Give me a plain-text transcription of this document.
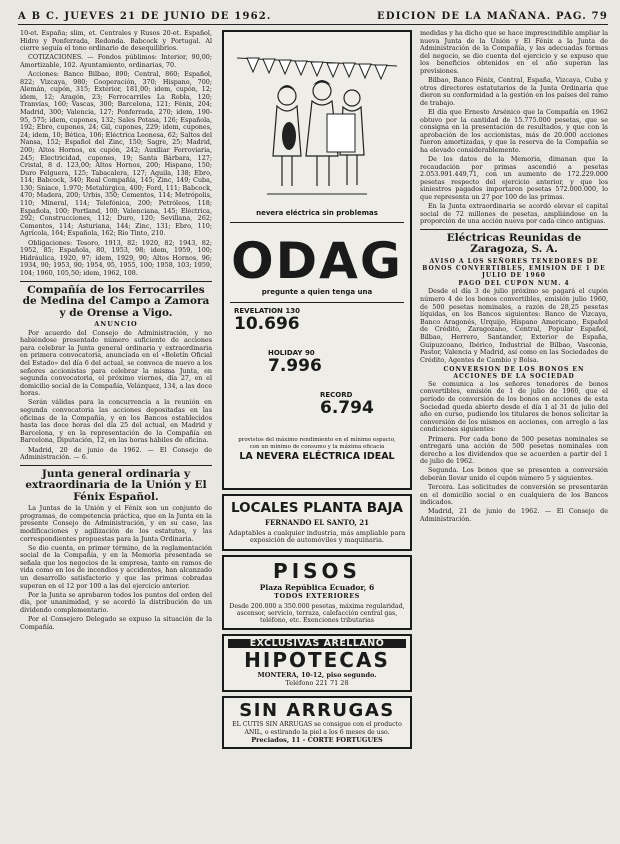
A B C. JUEVES 21 DE JUNIO DE 1962.	EDICION DE LA MAÑANA. PAG. 79

10-et. España; slim, et. Centrales y Rusos 20-et. Español, Hidro y Ponferrada, Redonda. Babcock y Portugal. Al cierre seguía el tono ordinario de desequilibrios.

COTIZACIONES. — Fondos públimos: Interior, 90,00; Amortizable, 102. Ayuntamiento, ordinarias, 70.

Acciones: Banco Bilbao, 890; Central, 860; Español, 822; Vizcaya, 980; Cooperación, 370; Hispano, 700; Alemán, cupón, 315; Exterior, 181,00; idem, cupón, 12; idem, 12; Aragón, 23; Ferrocarriles La Robla, 120; Tranvías, 160; Vascas, 300; Barcelona, 121; Fénix, 204; Madrid, 300; Valencia, 127; Ponferrada, 270; idem, 190-95, 575; idem, cupones, 132; Sales Potasa, 126; Española, 192; Ebro, cupones, 24; Gil, cupones, 229; idem, cupones, 24; idem, 10; Bética, 106; Eléctrica Leonesa, 62; Saltos del Nansa, 152; Español del Zinc, 150; Sagre, 25; Madrid, 200; Altos Hornos, ex cupón, 242; Auxiliar Ferroviaria, 245; Electricidad, cupones, 19; Santa Bárbara, 127; Cristal, 8 d. 123,00; Altos Hornos, 200; Hispano, 150; Duro Felguera, 125; Tabacalera, 127; Aguila, 138; Ebro, 114; Babcock, 340; Real Compañía, 145; Zinc, 149; Cuba, 130; Sniace, 1.970; Metalúrgica, 400; Ford, 111; Babcock, 470; Madera, 200; Urbis, 350; Cementos, 114; Metrópolis, 110; Mineral, 114; Telefónica, 200; Petróleos, 118; Española, 100; Portland, 100; Valenciana, 145; Eléctrica, 292; Construcciones, 112; Duro, 120; Sevillana, 262; Cementos, 114; Asturiana, 144; Zinc, 131; Ebro, 110; Agrícola, 164; Española, 162; Rio Tinto, 210.

Obligaciones: Tesoro, 1913, 82; 1920, 82; 1943, 82; 1952, 85; Española, 80, 1953, 98; idem, 1959, 100; Hidráulica, 1920, 97; idem, 1929, 90; Altos Hornos, 96; 1934, 90; 1953, 90; 1954, 95, 1955, 100; 1958, 103; 1959, 104; 1960, 105,50; idem, 1962, 108.

Compañía de los Ferrocarriles de Medina del Campo a Zamora y de Orense a Vigo.
ANUNCIO

Por acuerdo del Consejo de Administración, y no habiéndose presentado número suficiente de acciones para celebrar la Junta general ordinaria y extraordinaria en primera convocatoria, anunciada en el «Boletín Oficial del Estado» del día 6 del actual, se convoca de nuevo a los señores accionistas para celebrar la misma Junta, en segunda convocatoria, el próximo viernes, día 27, en el domicilio social de la Compañía, Velázquez, 134, a las doce horas.

Serán válidas para la concurrencia a la reunión en segunda convocatoria las acciones depositadas en las oficinas de la Compañía, y en los Bancos establecidos hasta las doce horas del día 25 del actual, en Madrid y Barcelona, y en la representación de la Compañía en Barcelona, Diputación, 12, en las horas hábiles de oficina.

Madrid, 20 de junio de 1962. — El Consejo de Administración. — 6.

Junta general ordinaria y extraordinaria de la Unión y El Fénix Español.

La Juntas de la Unión y el Fénix son un conjunto de programas, de competencia práctica, que en la Junta en la presente Consejo de Administración, y en su caso, las modificaciones y agilización de los estatutos, y las correspondientes propuestas para la Junta Ordinaria.

Se dio cuenta, en primer término, de la reglamentación social de la Compañía, y en la Memoria presentada se señala que los negocios de la empresa, tanto en ramos de vida como en los de incendios y accidentes, han alcanzado un desarrollo satisfactorio y que las primas cobradas superan en el 12 por 100 a las del ejercicio anterior.

Por la Junta se aprobaron todos los puntos del orden del día, por unanimidad, y se acordó la distribución de un dividendo complementario.

Por el Consejero Delegado se expuso la situación de la Compañía.

nevera eléctrica sin problemas
ODAG
pregunte a quien tenga una
REVELATION 130
10.696
HOLIDAY 90
7.996
RECORD
6.794
provistos del máximo rendimiento en el mínimo espacio, con un mínimo de consumo y la máxima eficacia
LA NEVERA ELÉCTRICA IDEAL
LOCALES PLANTA BAJA
FERNANDO EL SANTO, 21
Adaptables a cualquier industria, más ampliable para exposición de automóviles y maquinaria.
PISOS
Plaza República Ecuador, 6
TODOS EXTERIORES
Desde 200.000 a 350.000 pesetas, máxima regularidad, ascensor, servicio, terraza, calefacción central gas, teléfono, etc. Exenciones tributarias
EXCLUSIVAS ARELLANO
HIPOTECAS
MONTERA, 10-12, piso segundo.
Teléfono 221 71 28
SIN ARRUGAS
EL CUTIS SIN ARRUGAS se consigue con el producto ANIL, o estirando la piel a los 6 meses de uso.
Preciados, 11 - CORTE FORTUGUES

medidas y ha dicho que se hace imprescindible ampliar la nueva Junta de la Unión y El Fénix a la Junta de Administración de la Compañía, y las adecuadas formas del negocio, se dio cuenta del ejercicio y se expuso que los beneficios obtenidos en el año superan las previsiones.

Bilbao, Banco Fénix, Central, España, Vizcaya, Cuba y otros directores estatutarios de la Junta Ordinaria que dieron su conformidad a la gestión en los países del ramo de trabajo.

El día que Ernesto Arsénico que la Compañía en 1962 obtuvo por la cantidad de 15.775.000 pesetas, que se consigna en la presentación de resultados, y que con la aprobación de los accionistas, más de 20.000 acciones fueron amortizadas, y que la reserva de la Compañía se ha elevado considerablemente.

De los datos de la Memoria, dimanan que la recaudación por primas ascendió a pesetas 2.053.991.449,71, con un aumento de 172.229.000 pesetas respecto del ejercicio anterior, y que los siniestros pagados importaron pesetas 572.000.000, lo que representa un 27 por 100 de las primas.

En la Junta extraordinaria se acordó elevar el capital social de 72 millones de pesetas, ampliándose en la proporción de una acción nueva por cada cinco antiguas.

Eléctricas Reunidas de Zaragoza, S. A.
AVISO A LOS SEÑORES TENEDORES DE BONOS CONVERTIBLES, EMISION DE 1 DE JULIO DE 1960
PAGO DEL CUPON NUM. 4

Desde el día 3 de julio próximo se pagará el cupón número 4 de los bonos convertibles, emisión julio 1960, de 500 pesetas nominales, a razón de 28,25 pesetas líquidas, en los Bancos siguientes: Banco de Vizcaya, Banco Aragonés, Urquijo, Hispano Americano, Español de Crédito, Zaragozano, Central, Popular Español, Bilbao, Herrero, Santander, Exterior de España, Guipuzcoano, Ibérico, Industrial de Bilbao, Vasconia, Pastor, Valencia y Madrid, así como en las Sociedades de Crédito, Agentes de Cambio y Bolsa.

CONVERSION DE LOS BONOS EN ACCIONES DE LA SOCIEDAD

Se comunica a los señores tenedores de bonos convertibles, emisión de 1 de julio de 1960, que el período de conversión de los bonos en acciones de esta Sociedad queda abierto desde el día 1 al 31 de julio del año en curso, pudiendo los titulares de bonos solicitar la conversión de los mismos en acciones, con arreglo a las condiciones siguientes:

Primera. Por cada bono de 500 pesetas nominales se entregará una acción de 500 pesetas nominales con derecho a los dividendos que se acuerden a partir del 1 de julio de 1962.

Segunda. Los bonos que se presenten a conversión deberán llevar unido el cupón número 5 y siguientes.

Tercera. Las solicitudes de conversión se presentarán en el domicilio social o en cualquiera de los Bancos indicados.

Madrid, 21 de junio de 1962. — El Consejo de Administración.
